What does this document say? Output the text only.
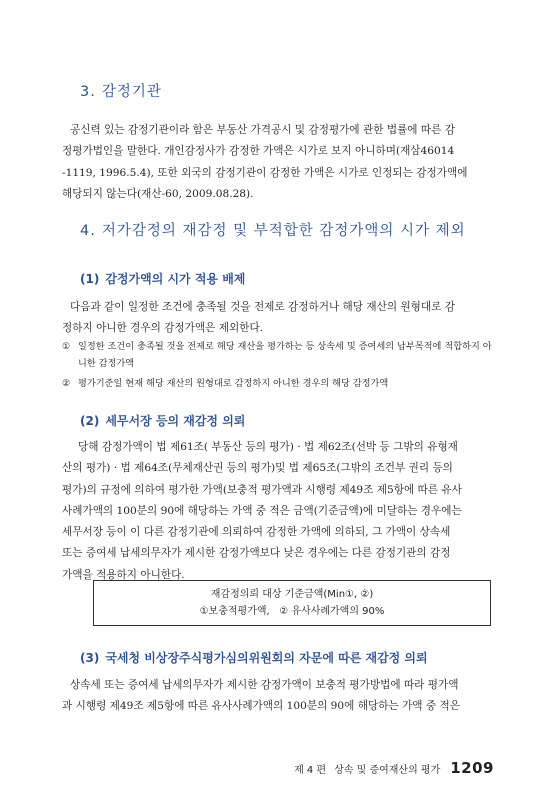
3. 감정기관
공신력 있는 감정기관이라 함은 부동산 가격공시 및 감정평가에 관한 법률에 따른 감
정평가법인을 말한다. 개인감정사가 감정한 가액은 시가로 보지 아니하며(재삼46014
-1119, 1996.5.4), 또한 외국의 감정기관이 감정한 가액은 시가로 인정되는 감정가액에
해당되지 않는다(재산-60, 2009.08.28).
4. 저가감정의 재감정 및 부적합한 감정가액의 시가 제외
(1) 감정가액의 시가 적용 배제
다음과 같이 일정한 조건에 충족될 것을 전제로 감정하거나 해당 재산의 원형대로 감
정하지 아니한 경우의 감정가액은 제외한다.
① 일정한 조건이 충족될 것을 전제로 해당 재산을 평가하는 등 상속세 및 증여세의 납부목적에 적합하지 아니한 감정가액
② 평가기준일 현재 해당 재산의 원형대로 감정하지 아니한 경우의 해당 감정가액
(2) 세무서장 등의 재감정 의뢰
당해 감정가액이 법 제61조( 부동산 등의 평가) · 법 제62조(선박 등 그밖의 유형재
산의 평가) · 법 제64조(무체재산권 등의 평가)및 법 제65조(그밖의 조건부 권리 등의
평가)의 규정에 의하여 평가한 가액(보충적 평가액과 시행령 제49조 제5항에 따른 유사
사례가액의 100분의 90에 해당하는 가액 중 적은 금액(기준금액)에 미달하는 경우에는
세무서장 등이 이 다른 감정기관에 의뢰하여 감정한 가액에 의하되, 그 가액이 상속세
또는 증여세 납세의무자가 제시한 감정가액보다 낮은 경우에는 다른 감정기관의 감정
가액을 적용하지 아니한다.
재감정의뢰 대상 기준금액(Min①, ②)
①보충적평가액,   ② 유사사례가액의 90%
(3) 국세청 비상장주식평가심의위원회의 자문에 따른 재감정 의뢰
상속세 또는 증여세 납세의무자가 제시한 감정가액이 보충적 평가방법에 따라 평가액
과 시행령 제49조 제5항에 따른 유사사례가액의 100분의 90에 해당하는 가액 중 적은
제 4 편 상속 및 증여재산의 평가 1209
